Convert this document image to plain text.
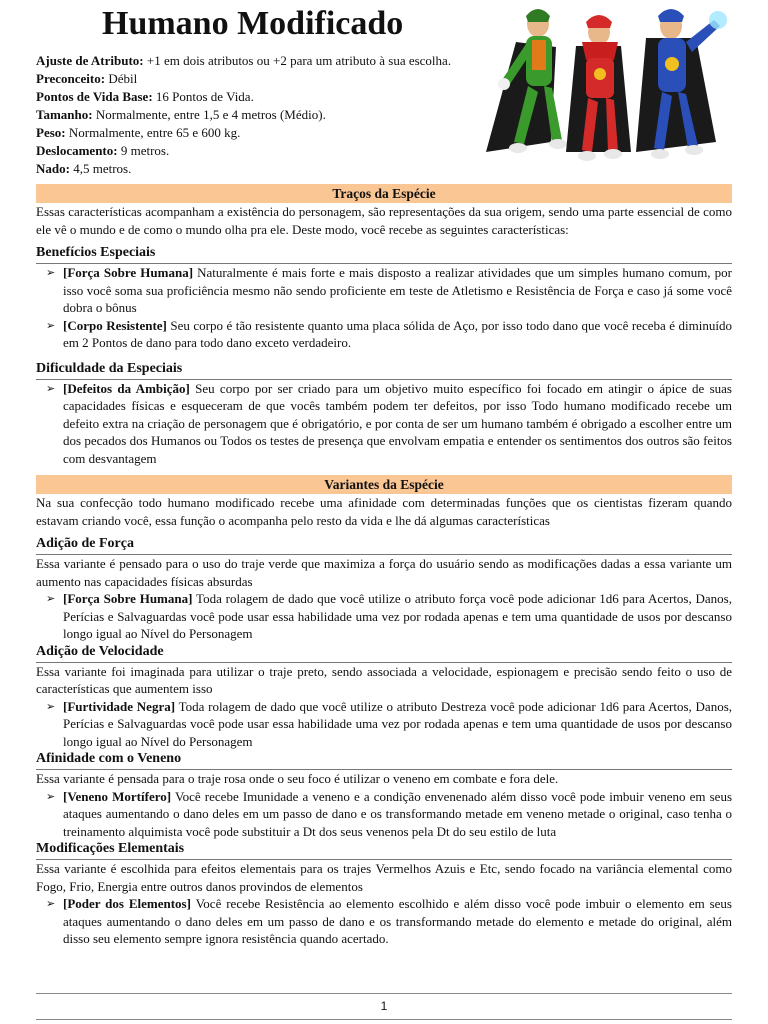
Humano Modificado
Ajuste de Atributo: +1 em dois atributos ou +2 para um atributo à sua escolha.
Preconceito: Débil
Pontos de Vida Base: 16 Pontos de Vida.
Tamanho: Normalmente, entre 1,5 e 4 metros (Médio).
Peso: Normalmente, entre 65 e 600 kg.
Deslocamento: 9 metros.
Nado: 4,5 metros.
Traços da Espécie

Essas características acompanham a existência do personagem, são representações da sua origem, sendo uma parte essencial de como ele vê o mundo e de como o mundo olha pra ele. Deste modo, você recebe as seguintes características:

Benefícios Especiais
➢ [Força Sobre Humana] Naturalmente é mais forte e mais disposto a realizar atividades que um simples humano comum, por isso você soma sua proficiência mesmo não sendo proficiente em teste de Atletismo e Resistência de Força e caso já some você dobra o bônus
➢ [Corpo Resistente] Seu corpo é tão resistente quanto uma placa sólida de Aço, por isso todo dano que você receba é diminuído em 2 Pontos de dano para todo dano exceto verdadeiro.
Dificuldade da Especiais
➢ [Defeitos da Ambição] Seu corpo por ser criado para um objetivo muito específico foi focado em atingir o ápice de suas capacidades físicas e esqueceram de que vocês também podem ter defeitos, por isso Todo humano modificado recebe um defeito extra na criação de personagem que é obrigatório, e por conta de ser um humano também é obrigado a escolher entre um dos pecados dos Humanos ou Todos os testes de presença que envolvam empatia e entender os sentimentos dos outros são feitos com desvantagem
Variantes da Espécie

Na sua confecção todo humano modificado recebe uma afinidade com determinadas funções que os cientistas fizeram quando estavam criando você, essa função o acompanha pelo resto da vida e lhe dá algumas características

Adição de Força

Essa variante é pensado para o uso do traje verde que maximiza a força do usuário sendo as modificações dadas a essa variante um aumento nas capacidades físicas absurdas

➢ [Força Sobre Humana] Toda rolagem de dado que você utilize o atributo força você pode adicionar 1d6 para Acertos, Danos, Perícias e Salvaguardas você pode usar essa habilidade uma vez por rodada apenas e tem uma quantidade de usos por descanso longo igual ao Nível do Personagem
Adição de Velocidade

Essa variante foi imaginada para utilizar o traje preto, sendo associada a velocidade, espionagem e precisão sendo feito o uso de características que aumentem isso

➢ [Furtividade Negra] Toda rolagem de dado que você utilize o atributo Destreza você pode adicionar 1d6 para Acertos, Danos, Perícias e Salvaguardas você pode usar essa habilidade uma vez por rodada apenas e tem uma quantidade de usos por descanso longo igual ao Nível do Personagem
Afinidade com o Veneno

Essa variante é pensada para o traje rosa onde o seu foco é utilizar o veneno em combate e fora dele.

➢ [Veneno Mortífero] Você recebe Imunidade a veneno e a condição envenenado além disso você pode imbuir veneno em seus ataques aumentando o dano deles em um passo de dano e os transformando metade em veneno metade o original, caso tenha o treinamento alquimista você pode substituir a Dt dos seus venenos pela Dt do seu estilo de luta
Modificações Elementais

Essa variante é escolhida para efeitos elementais para os trajes Vermelhos Azuis e Etc, sendo focado na variância elemental como Fogo, Frio, Energia entre outros danos provindos de elementos

➢ [Poder dos Elementos] Você recebe Resistência ao elemento escolhido e além disso você pode imbuir o elemento em seus ataques aumentando o dano deles em um passo de dano e os transformando metade do elemento e metade do original, além disso seu elemento sempre ignora resistência quando acertado.
1
